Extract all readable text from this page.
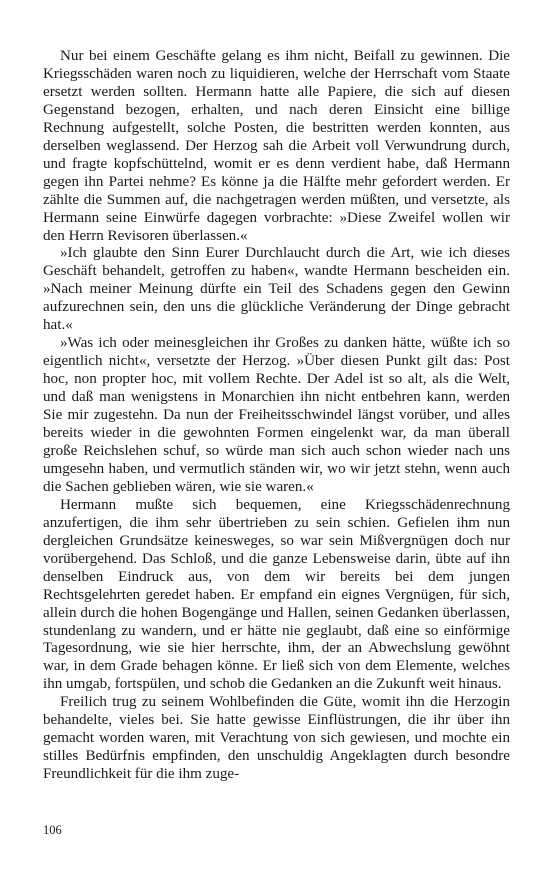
Nur bei einem Geschäfte gelang es ihm nicht, Beifall zu gewinnen. Die Kriegsschäden waren noch zu liquidieren, welche der Herrschaft vom Staate ersetzt werden sollten. Hermann hatte alle Papiere, die sich auf diesen Gegenstand bezogen, erhalten, und nach deren Einsicht eine billige Rechnung aufgestellt, solche Posten, die bestritten werden konnten, aus derselben weglassend. Der Herzog sah die Arbeit voll Verwundrung durch, und fragte kopfschüttelnd, womit er es denn verdient habe, daß Hermann gegen ihn Partei nehme? Es könne ja die Hälfte mehr gefordert werden. Er zählte die Summen auf, die nachgetragen werden müßten, und versetzte, als Hermann seine Einwürfe dagegen vorbrachte: »Diese Zweifel wollen wir den Herrn Revisoren überlassen.«

»Ich glaubte den Sinn Eurer Durchlaucht durch die Art, wie ich dieses Geschäft behandelt, getroffen zu haben«, wandte Hermann bescheiden ein. »Nach meiner Meinung dürfte ein Teil des Schadens gegen den Gewinn aufzurechnen sein, den uns die glückliche Veränderung der Dinge gebracht hat.«

»Was ich oder meinesgleichen ihr Großes zu danken hätte, wüßte ich so eigentlich nicht«, versetzte der Herzog. »Über diesen Punkt gilt das: Post hoc, non propter hoc, mit vollem Rechte. Der Adel ist so alt, als die Welt, und daß man wenigstens in Monarchien ihn nicht entbehren kann, werden Sie mir zugestehn. Da nun der Freiheitsschwindel längst vorüber, und alles bereits wieder in die gewohnten Formen eingelenkt war, da man überall große Reichslehen schuf, so würde man sich auch schon wieder nach uns umgesehn haben, und vermutlich ständen wir, wo wir jetzt stehn, wenn auch die Sachen geblieben wären, wie sie waren.«

Hermann mußte sich bequemen, eine Kriegsschädenrechnung anzufertigen, die ihm sehr übertrieben zu sein schien. Gefielen ihm nun dergleichen Grundsätze keinesweges, so war sein Mißvergnügen doch nur vorübergehend. Das Schloß, und die ganze Lebensweise darin, übte auf ihn denselben Eindruck aus, von dem wir bereits bei dem jungen Rechtsgelehrten geredet haben. Er empfand ein eignes Vergnügen, für sich, allein durch die hohen Bogengänge und Hallen, seinen Gedanken überlassen, stundenlang zu wandern, und er hätte nie geglaubt, daß eine so einförmige Tagesordnung, wie sie hier herrschte, ihm, der an Abwechslung gewöhnt war, in dem Grade behagen könne. Er ließ sich von dem Elemente, welches ihn umgab, fortspülen, und schob die Gedanken an die Zukunft weit hinaus.

Freilich trug zu seinem Wohlbefinden die Güte, womit ihn die Herzogin behandelte, vieles bei. Sie hatte gewisse Einflüstrungen, die ihr über ihn gemacht worden waren, mit Verachtung von sich gewiesen, und mochte ein stilles Bedürfnis empfinden, den unschuldig Angeklagten durch besondre Freundlichkeit für die ihm zuge-

106
